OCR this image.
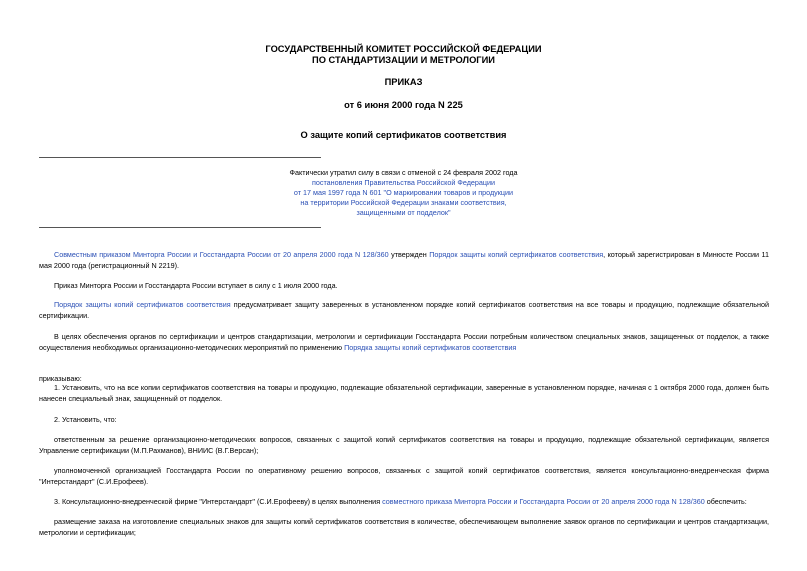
ГОСУДАРСТВЕННЫЙ КОМИТЕТ РОССИЙСКОЙ ФЕДЕРАЦИИ
ПО СТАНДАРТИЗАЦИИ И МЕТРОЛОГИИ
ПРИКАЗ
от 6 июня 2000 года N 225
О защите копий сертификатов соответствия
Фактически утратил силу в связи с отменой с 24 февраля 2002 года
постановления Правительства Российской Федерации
от 17 мая 1997 года N 601 "О маркировании товаров и продукции
на территории Российской Федерации знаками соответствия,
защищенными от подделок"
Совместным приказом Минторга России и Госстандарта России от 20 апреля 2000 года N 128/360 утвержден Порядок защиты копий сертификатов соответствия, который зарегистрирован в Минюсте России 11 мая 2000 года (регистрационный N 2219).
Приказ Минторга России и Госстандарта России вступает в силу с 1 июля 2000 года.
Порядок защиты копий сертификатов соответствия предусматривает защиту заверенных в установленном порядке копий сертификатов соответствия на все товары и продукцию, подлежащие обязательной сертификации.
В целях обеспечения органов по сертификации и центров стандартизации, метрологии и сертификации Госстандарта России потребным количеством специальных знаков, защищенных от подделок, а также осуществления необходимых организационно-методических мероприятий по применению Порядка защиты копий сертификатов соответствия
приказываю:
1. Установить, что на все копии сертификатов соответствия на товары и продукцию, подлежащие обязательной сертификации, заверенные в установленном порядке, начиная с 1 октября 2000 года, должен быть нанесен специальный знак, защищенный от подделок.
2. Установить, что:
ответственным за решение организационно-методических вопросов, связанных с защитой копий сертификатов соответствия на товары и продукцию, подлежащие обязательной сертификации, является Управление сертификации (М.П.Рахманов), ВНИИС (В.Г.Версан);
уполномоченной организацией Госстандарта России по оперативному решению вопросов, связанных с защитой копий сертификатов соответствия, является консультационно-внедренческая фирма "Интерстандарт" (С.И.Ерофеев).
3. Консультационно-внедренческой фирме "Интерстандарт" (С.И.Ерофееву) в целях выполнения совместного приказа Минторга России и Госстандарта России от 20 апреля 2000 года N 128/360 обеспечить:
размещение заказа на изготовление специальных знаков для защиты копий сертификатов соответствия в количестве, обеспечивающем выполнение заявок органов по сертификации и центров стандартизации, метрологии и сертификации;
